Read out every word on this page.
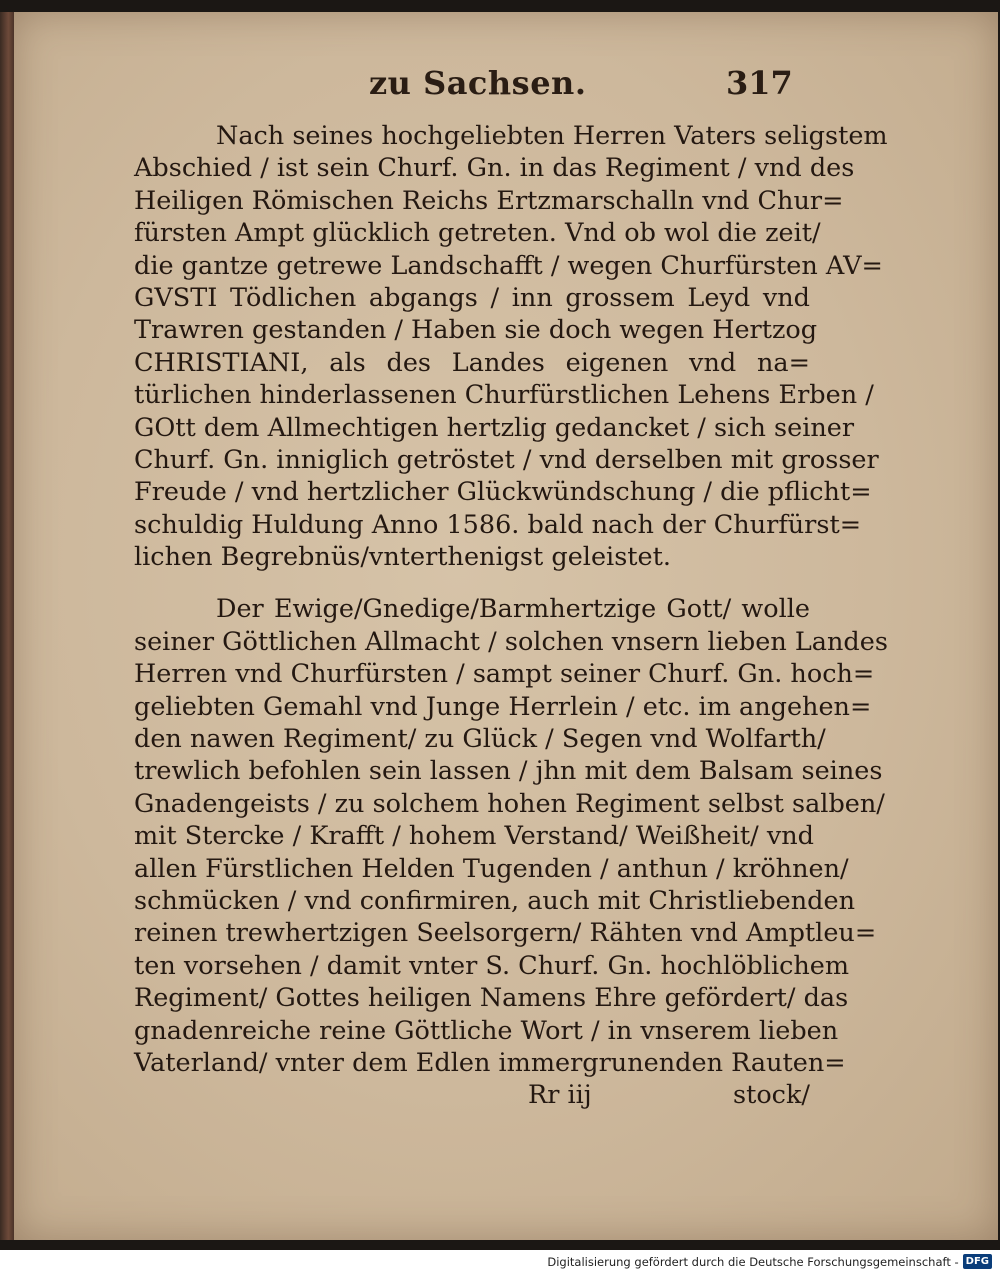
zu Sachsen.	317
Nach seines hochgeliebten Herren Vaters seligstem
Abschied / ist sein Churf. Gn. in das Regiment / vnd des
Heiligen Römischen Reichs Ertzmarschalln vnd Chur=
fürsten Ampt glücklich getreten. Vnd ob wol die zeit/
die gantze getrewe Landschafft / wegen Churfürsten AV=
GVSTI Tödlichen abgangs / inn grossem Leyd vnd
Trawren gestanden / Haben sie doch wegen Hertzog
CHRISTIANI, als des Landes eigenen vnd na=
türlichen hinderlassenen Churfürstlichen Lehens Erben /
GOtt dem Allmechtigen hertzlig gedancket / sich seiner
Churf. Gn. inniglich getröstet / vnd derselben mit grosser
Freude / vnd hertzlicher Glückwündschung / die pflicht=
schuldig Huldung Anno 1586. bald nach der Churfürst=
lichen Begrebnüs/vnterthenigst geleistet.
Der Ewige/Gnedige/Barmhertzige Gott/ wolle
seiner Göttlichen Allmacht / solchen vnsern lieben Landes
Herren vnd Churfürsten / sampt seiner Churf. Gn. hoch=
geliebten Gemahl vnd Junge Herrlein / etc. im angehen=
den nawen Regiment/ zu Glück / Segen vnd Wolfarth/
trewlich befohlen sein lassen / jhn mit dem Balsam seines
Gnadengeists / zu solchem hohen Regiment selbst salben/
mit Stercke / Krafft / hohem Verstand/ Weißheit/ vnd
allen Fürstlichen Helden Tugenden / anthun / kröhnen/
schmücken / vnd confirmiren, auch mit Christliebenden
reinen trewhertzigen Seelsorgern/ Rähten vnd Amptleu=
ten vorsehen / damit vnter S. Churf. Gn. hochlöblichem
Regiment/ Gottes heiligen Namens Ehre gefördert/ das
gnadenreiche reine Göttliche Wort / in vnserem lieben
Vaterland/ vnter dem Edlen immergrunenden Rauten=
Rr iij	stock/
Digitalisierung gefördert durch die Deutsche Forschungsgemeinschaft - DFG
